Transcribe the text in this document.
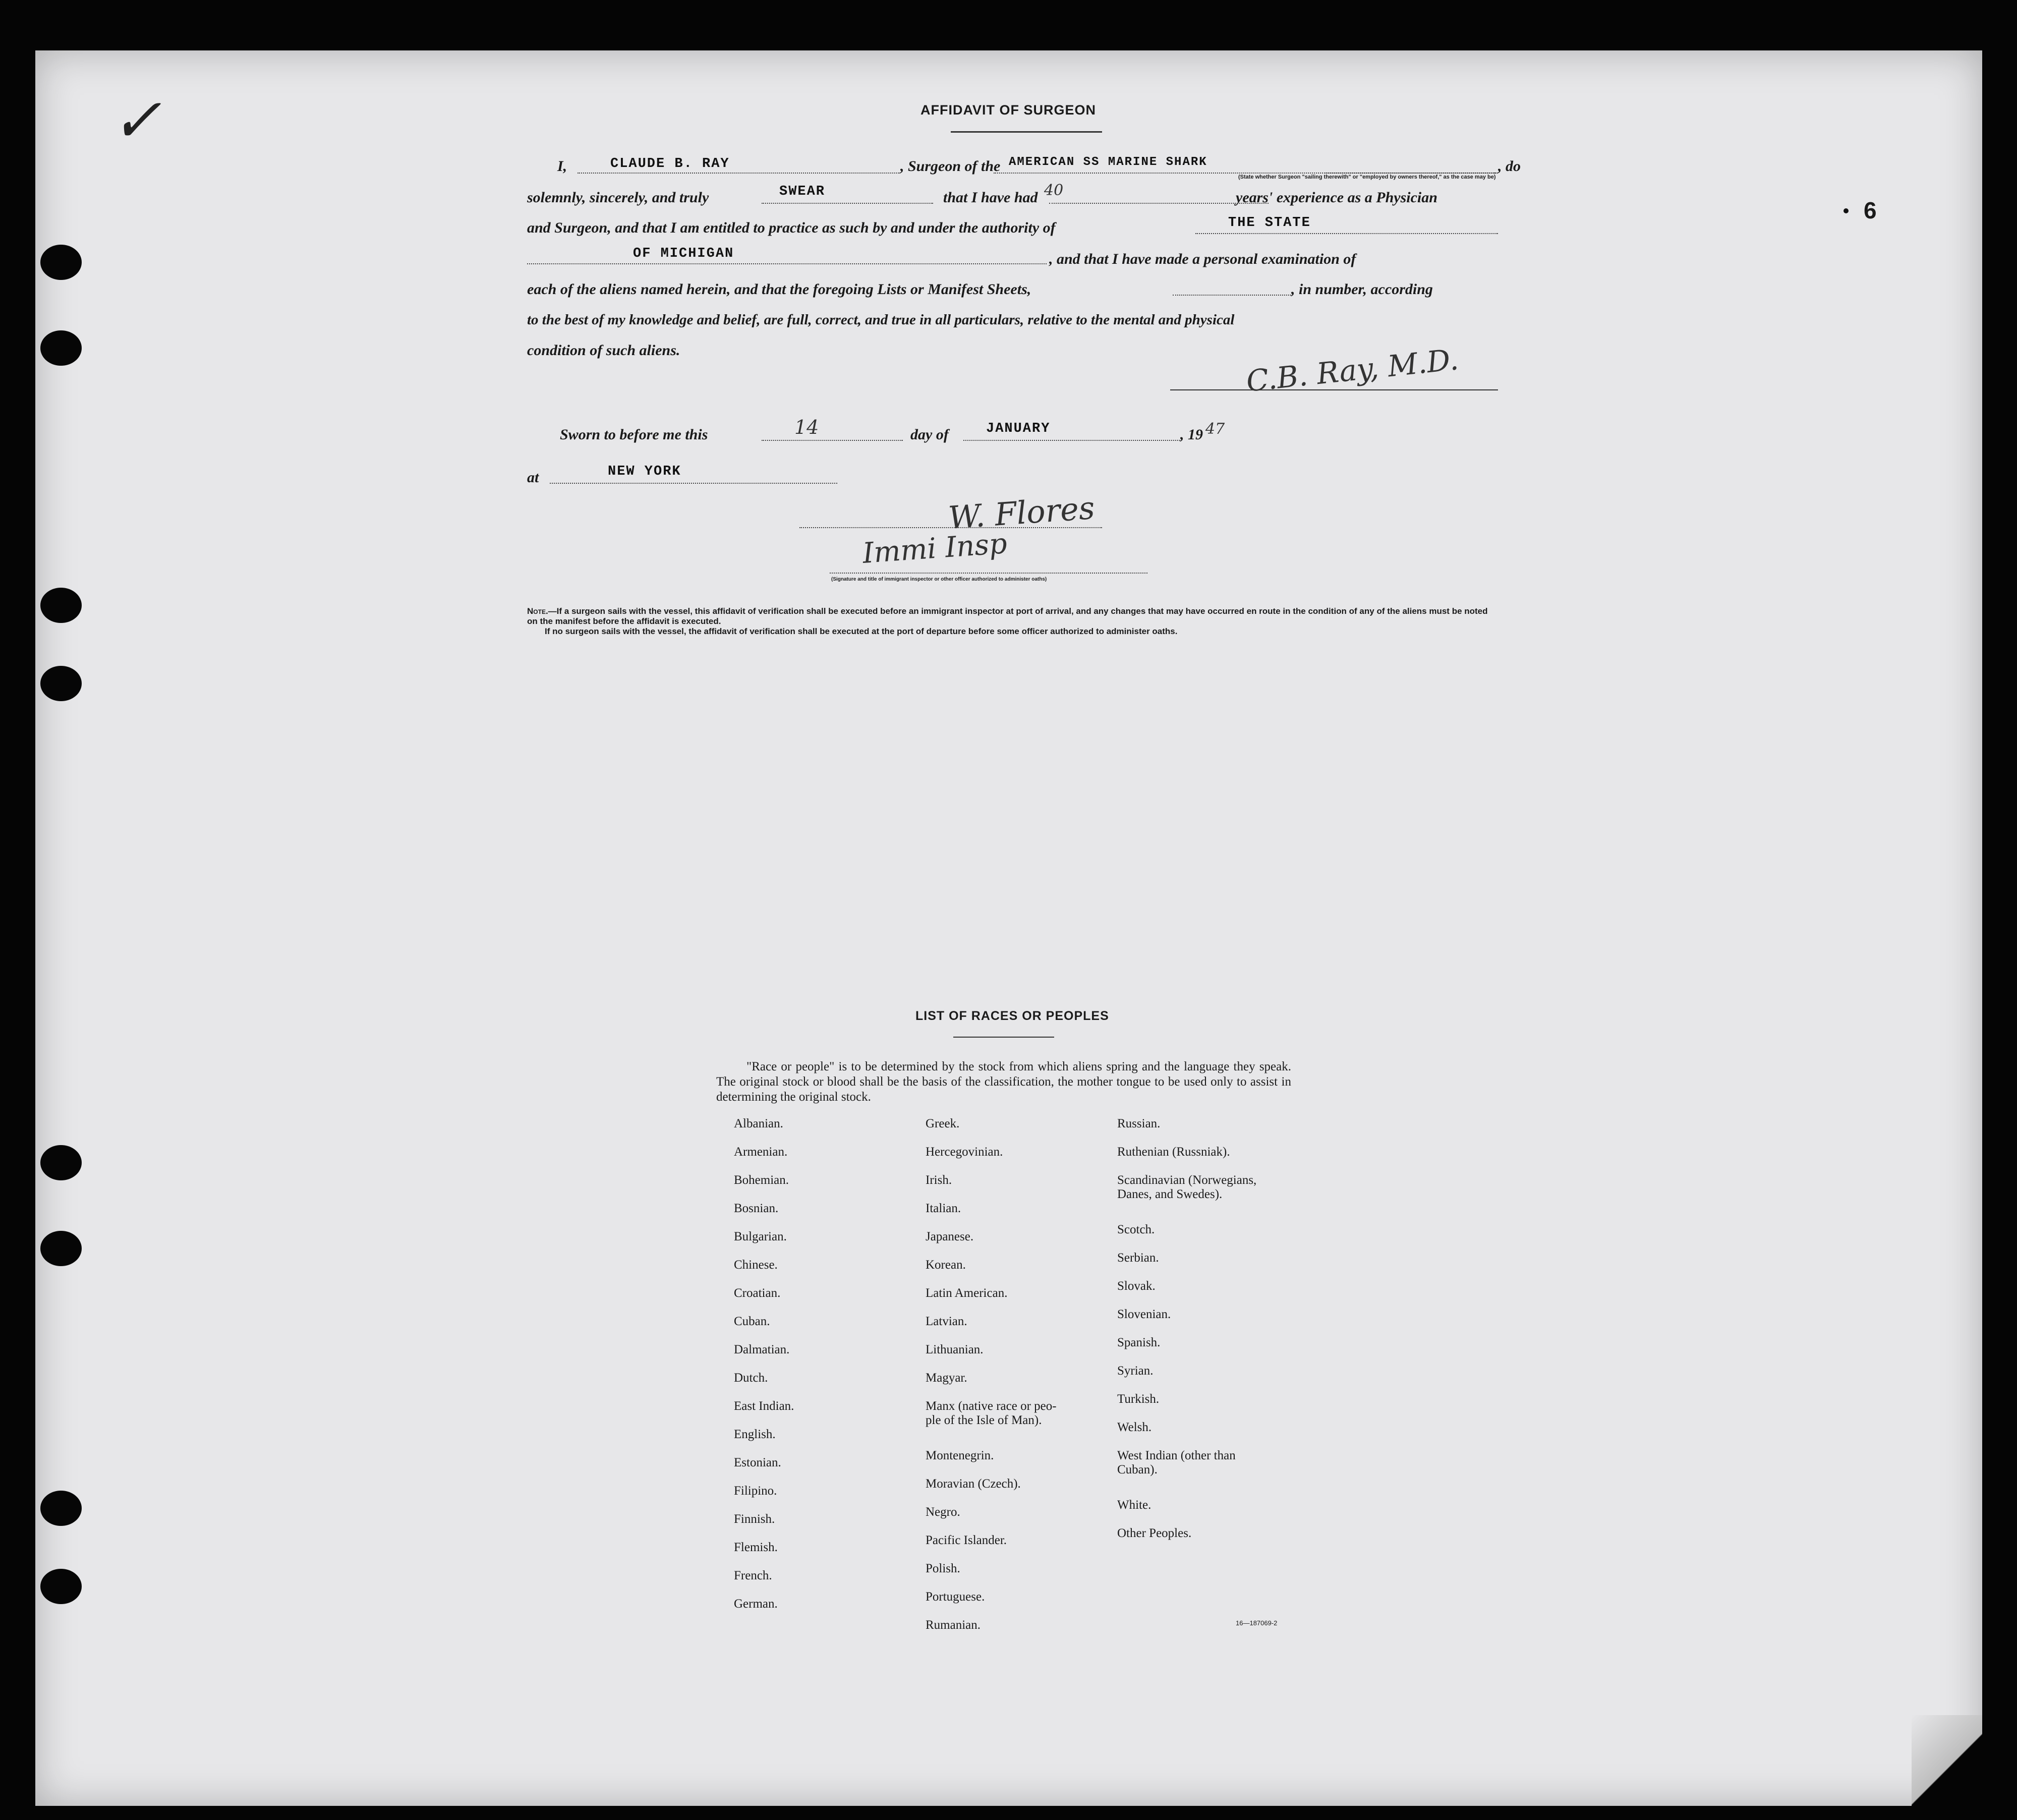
✓
6
AFFIDAVIT OF SURGEON
I,	CLAUDE B. RAY	, Surgeon of the AMERICAN SS MARINE SHARK
(State whether Surgeon "sailing therewith" or "employed by owners thereof," as the case may be)
, do
solemnly, sincerely, and truly	SWEAR	that I have had 40	years' experience as a Physician
and Surgeon, and that I am entitled to practice as such by and under the authority of	THE STATE
OF MICHIGAN	, and that I have made a personal examination of
each of the aliens named herein, and that the foregoing Lists or Manifest Sheets,	, in number, according
to the best of my knowledge and belief, are full, correct, and true in all particulars, relative to the mental and physical
condition of such aliens.	C.B. Ray, M.D.
Sworn to before me this	14	day of	JANUARY	, 19 47
at	NEW YORK
W. Flores
Immi Insp
(Signature and title of immigrant inspector or other officer authorized to administer oaths)
Note.—If a surgeon sails with the vessel, this affidavit of verification shall be executed before an immigrant inspector at port of arrival, and any changes that may have occurred en route in the condition of any of the aliens must be noted on the manifest before the affidavit is executed.
If no surgeon sails with the vessel, the affidavit of verification shall be executed at the port of departure before some officer authorized to administer oaths.
LIST OF RACES OR PEOPLES
"Race or people" is to be determined by the stock from which aliens spring and the language they speak. The original stock or blood shall be the basis of the classification, the mother tongue to be used only to assist in determining the original stock.
Albanian.
Armenian.
Bohemian.
Bosnian.
Bulgarian.
Chinese.
Croatian.
Cuban.
Dalmatian.
Dutch.
East Indian.
English.
Estonian.
Filipino.
Finnish.
Flemish.
French.
German.
Greek.
Hercegovinian.
Irish.
Italian.
Japanese.
Korean.
Latin American.
Latvian.
Lithuanian.
Magyar.
Manx (native race or peo-
ple of the Isle of Man).
Montenegrin.
Moravian (Czech).
Negro.
Pacific Islander.
Polish.
Portuguese.
Rumanian.
Russian.
Ruthenian (Russniak).
Scandinavian (Norwegians,
Danes, and Swedes).
Scotch.
Serbian.
Slovak.
Slovenian.
Spanish.
Syrian.
Turkish.
Welsh.
West Indian (other than
Cuban).
White.
Other Peoples.
16—187069-2
